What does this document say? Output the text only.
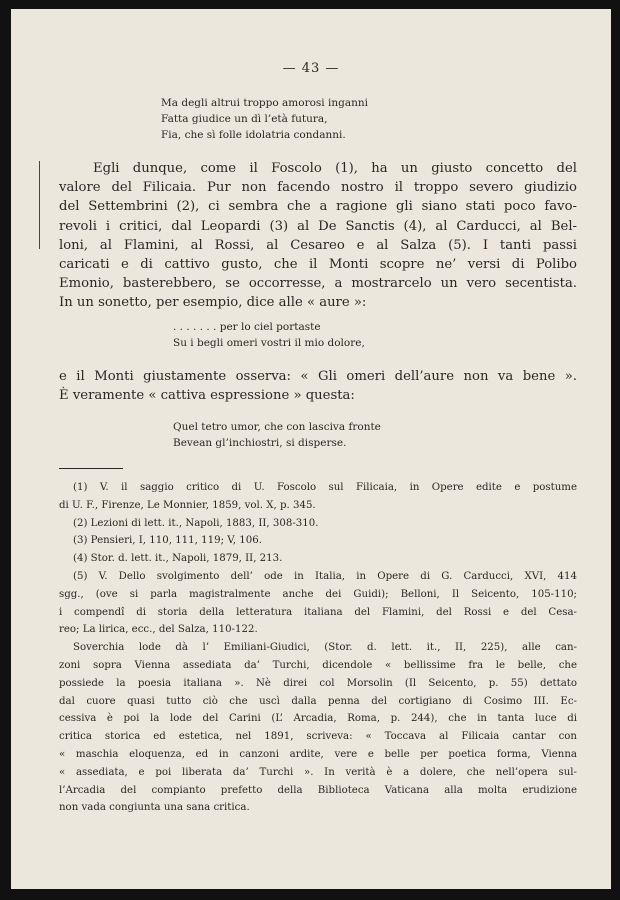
— 43 —
Ma degli altrui troppo amorosi inganni
Fatta giudice un dì l’età futura,
Fia, che sì folle idolatria condanni.
Egli dunque, come il Foscolo (1), ha un giusto concetto del
valore del Filicaia. Pur non facendo nostro il troppo severo giudizio
del Settembrini (2), ci sembra che a ragione gli siano stati poco favo-
revoli i critici, dal Leopardi (3) al De Sanctis (4), al Carducci, al Bel-
loni, al Flamini, al Rossi, al Cesareo e al Salza (5). I tanti passi
caricati e di cattivo gusto, che il Monti scopre ne’ versi di Polibo
Emonio, basterebbero, se occorresse, a mostrarcelo un vero secentista.
In un sonetto, per esempio, dice alle « aure »:
. . . . . . . per lo ciel portaste
Su i begli omeri vostri il mio dolore,
e il Monti giustamente osserva: « Gli omeri dell’aure non va bene ».
È veramente « cattiva espressione » questa:
Quel tetro umor, che con lasciva fronte
Bevean gl’inchiostri, si disperse.
(1) V. il saggio critico di U. Foscolo sul Filicaia, in Opere edite e postume
di U. F., Firenze, Le Monnier, 1859, vol. X, p. 345.
(2) Lezioni di lett. it., Napoli, 1883, II, 308-310.
(3) Pensieri, I, 110, 111, 119; V, 106.
(4) Stor. d. lett. it., Napoli, 1879, II, 213.
(5) V. Dello svolgimento dell’ ode in Italia, in Opere di G. Carducci, XVI, 414
sgg., (ove si parla magistralmente anche dei Guidi); Belloni, Il Seicento, 105-110;
i compendî di storia della letteratura italiana del Flamini, del Rossi e del Cesa-
reo; La lirica, ecc., del Salza, 110-122.
Soverchia lode dà l’ Emiliani-Giudici, (Stor. d. lett. it., II, 225), alle can-
zoni sopra Vienna assediata da’ Turchi, dicendole « bellissime fra le belle, che
possiede la poesia italiana ». Nè direi col Morsolin (Il Seicento, p. 55) dettato
dal cuore quasi tutto ciò che uscì dalla penna del cortigiano di Cosimo III. Ec-
cessiva è poi la lode del Carini (L’ Arcadia, Roma, p. 244), che in tanta luce di
critica storica ed estetica, nel 1891, scriveva: « Toccava al Filicaia cantar con
« maschia eloquenza, ed in canzoni ardite, vere e belle per poetica forma, Vienna
« assediata, e poi liberata da’ Turchi ». In verità è a dolere, che nell’opera sul-
l’Arcadia del compianto prefetto della Biblioteca Vaticana alla molta erudizione
non vada congiunta una sana critica.
